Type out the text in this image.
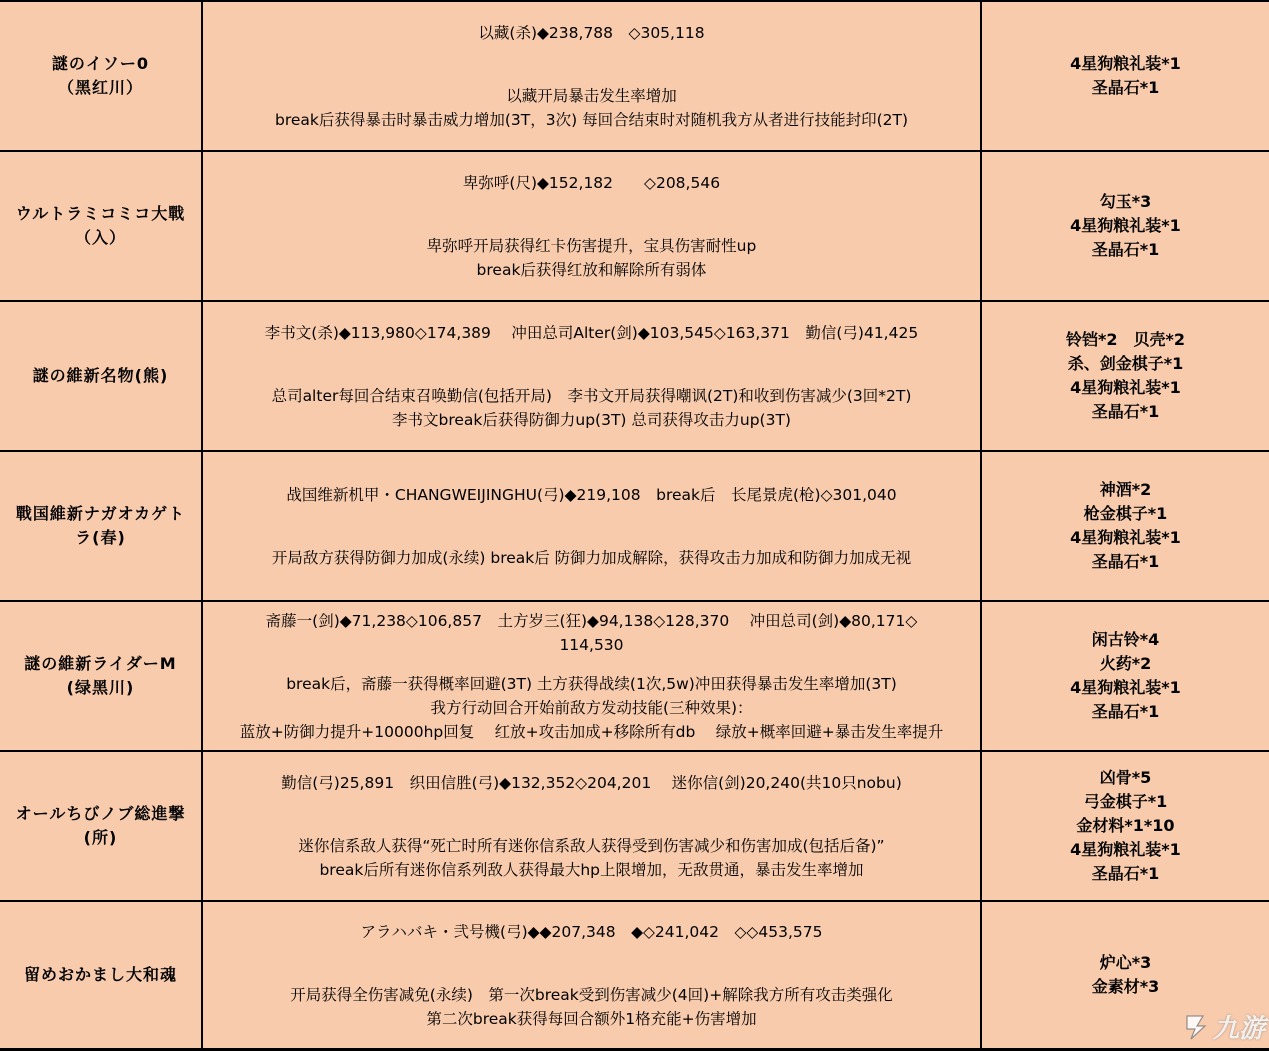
謎のイソー0
（黑红川）
以藏(杀)◆238,788　◇305,118
以藏开局暴击发生率增加
break后获得暴击时暴击威力增加(3T，3次) 每回合结束时对随机我方从者进行技能封印(2T)
4星狗粮礼装*1
圣晶石*1
ウルトラミコミコ大戰
（入）
卑弥呼(尺)◆152,182　　◇208,546
卑弥呼开局获得红卡伤害提升，宝具伤害耐性up
break后获得红放和解除所有弱体
勾玉*3
4星狗粮礼装*1
圣晶石*1
謎の維新名物(熊)
李书文(杀)◆113,980◇174,389　 冲田总司Alter(剑)◆103,545◇163,371　勤信(弓)41,425
总司alter每回合结束召唤勤信(包括开局)　李书文开局获得嘲讽(2T)和收到伤害减少(3回*2T)
李书文break后获得防御力up(3T) 总司获得攻击力up(3T)
铃铛*2　贝壳*2
杀、剑金棋子*1
4星狗粮礼装*1
圣晶石*1
戰国維新ナガオカゲト
ラ(春)
战国维新机甲・CHANGWEIJINGHU(弓)◆219,108　break后　长尾景虎(枪)◇301,040
开局敌方获得防御力加成(永续) break后 防御力加成解除，获得攻击力加成和防御力加成无视
神酒*2
枪金棋子*1
4星狗粮礼装*1
圣晶石*1
謎の維新ライダーM
(绿黑川)
斋藤一(剑)◆71,238◇106,857　土方岁三(狂)◆94,138◇128,370　 冲田总司(剑)◆80,171◇
114,530
break后，斋藤一获得概率回避(3T) 土方获得战续(1次,5w)冲田获得暴击发生率增加(3T)
我方行动回合开始前敌方发动技能(三种效果)：
蓝放+防御力提升+10000hp回复　 红放+攻击加成+移除所有db　 绿放+概率回避+暴击发生率提升
闲古铃*4
火药*2
4星狗粮礼装*1
圣晶石*1
オールちびノブ総進撃
(所)
勤信(弓)25,891　织田信胜(弓)◆132,352◇204,201　 迷你信(剑)20,240(共10只nobu)
迷你信系敌人获得“死亡时所有迷你信系敌人获得受到伤害减少和伤害加成(包括后备)”
break后所有迷你信系列敌人获得最大hp上限增加，无敌贯通，暴击发生率增加
凶骨*5
弓金棋子*1
金材料*1*10
4星狗粮礼装*1
圣晶石*1
留めおかまし大和魂
アラハバキ・弐号機(弓)◆◆207,348　◆◇241,042　◇◇453,575
开局获得全伤害减免(永续)　第一次break受到伤害减少(4回)+解除我方所有攻击类强化
第二次break获得每回合额外1格充能+伤害增加
炉心*3
金素材*3
九游
